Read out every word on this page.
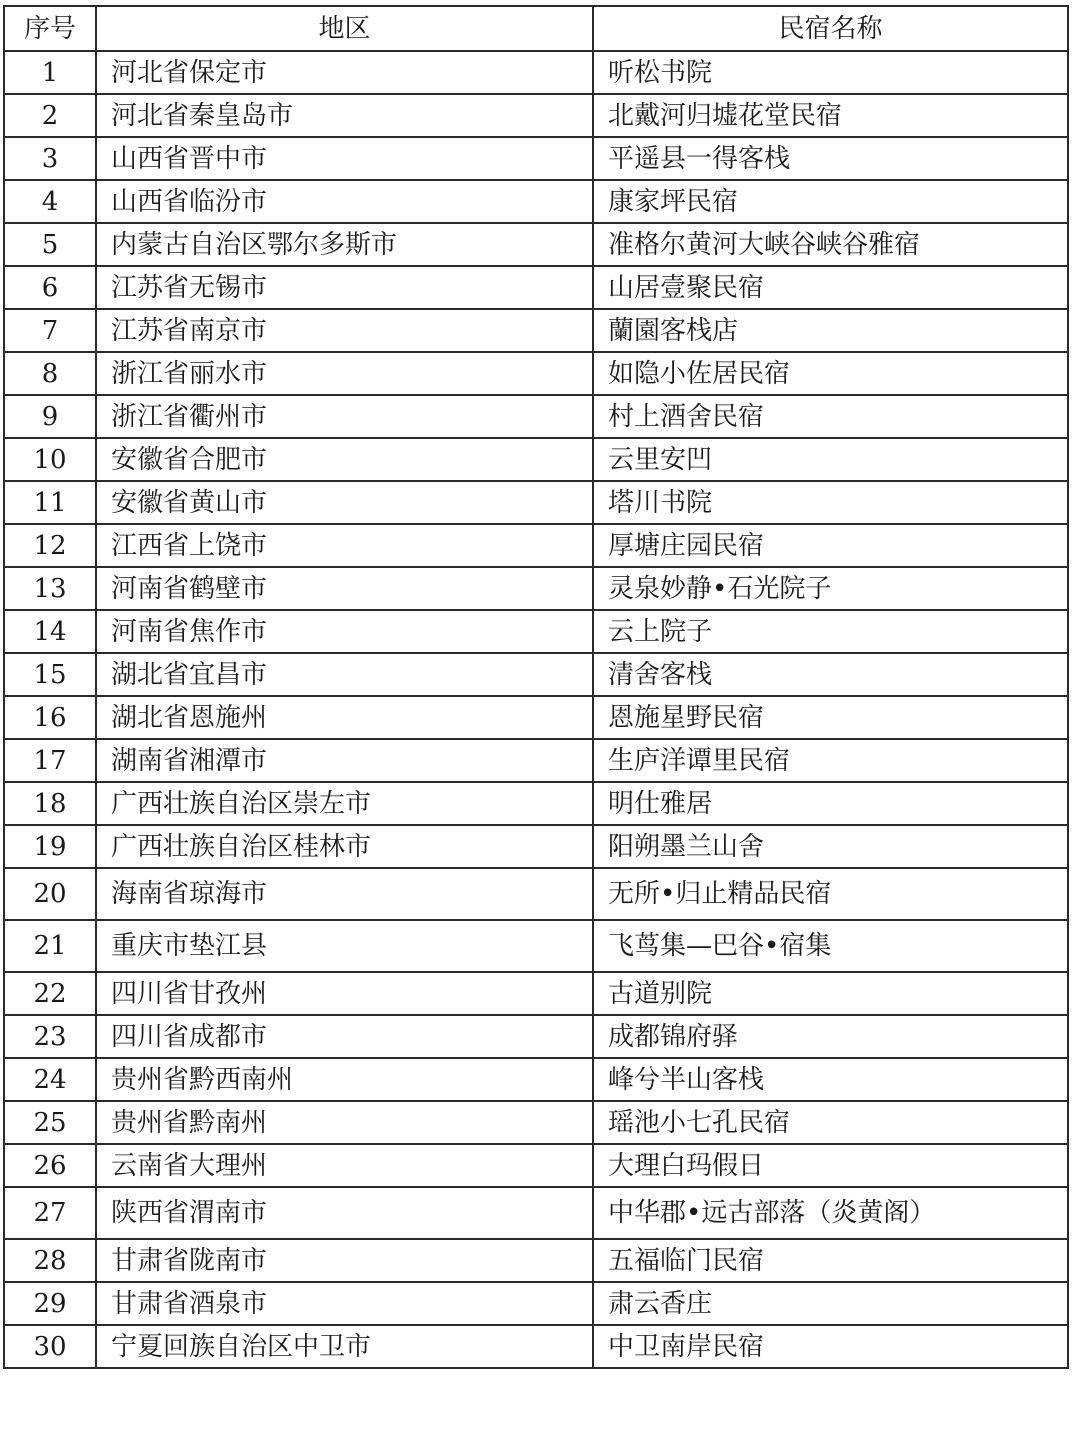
序号	地区	民宿名称
1	河北省保定市	听松书院
2	河北省秦皇岛市	北戴河归墟花堂民宿
3	山西省晋中市	平遥县一得客栈
4	山西省临汾市	康家坪民宿
5	内蒙古自治区鄂尔多斯市	准格尔黄河大峡谷峡谷雅宿
6	江苏省无锡市	山居壹聚民宿
7	江苏省南京市	蘭園客栈店
8	浙江省丽水市	如隐小佐居民宿
9	浙江省衢州市	村上酒舍民宿
10	安徽省合肥市	云里安凹
11	安徽省黄山市	塔川书院
12	江西省上饶市	厚塘庄园民宿
13	河南省鹤壁市	灵泉妙静•石光院子
14	河南省焦作市	云上院子
15	湖北省宜昌市	清舍客栈
16	湖北省恩施州	恩施星野民宿
17	湖南省湘潭市	生庐洋谭里民宿
18	广西壮族自治区崇左市	明仕雅居
19	广西壮族自治区桂林市	阳朔墨兰山舍
20	海南省琼海市	无所•归止精品民宿
21	重庆市垫江县	飞茑集—巴谷•宿集
22	四川省甘孜州	古道别院
23	四川省成都市	成都锦府驿
24	贵州省黔西南州	峰兮半山客栈
25	贵州省黔南州	瑶池小七孔民宿
26	云南省大理州	大理白玛假日
27	陕西省渭南市	中华郡•远古部落（炎黄阁）
28	甘肃省陇南市	五福临门民宿
29	甘肃省酒泉市	肃云香庄
30	宁夏回族自治区中卫市	中卫南岸民宿
